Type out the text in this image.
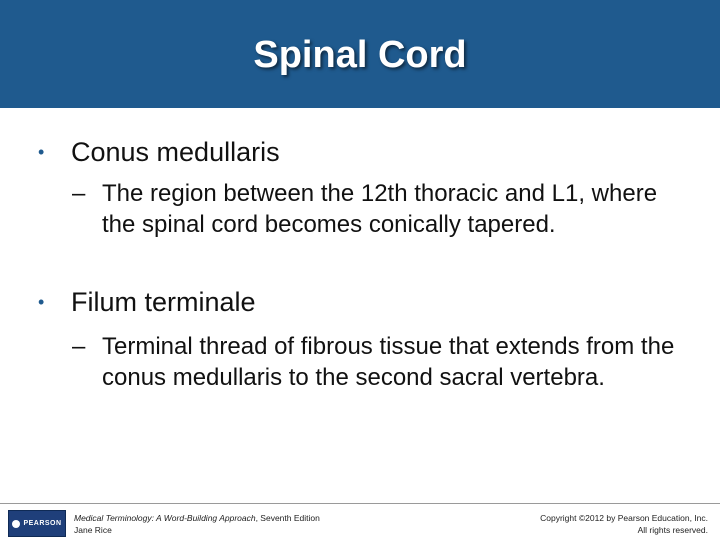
Spinal Cord
• Conus medullaris
– The region between the 12th thoracic and L1, where the spinal cord becomes conically tapered.
• Filum terminale
– Terminal thread of fibrous tissue that extends from the conus medullaris to the second sacral vertebra.
PEARSON
Medical Terminology: A Word-Building Approach, Seventh Edition
Jane Rice
Copyright ©2012 by Pearson Education, Inc.
All rights reserved.
